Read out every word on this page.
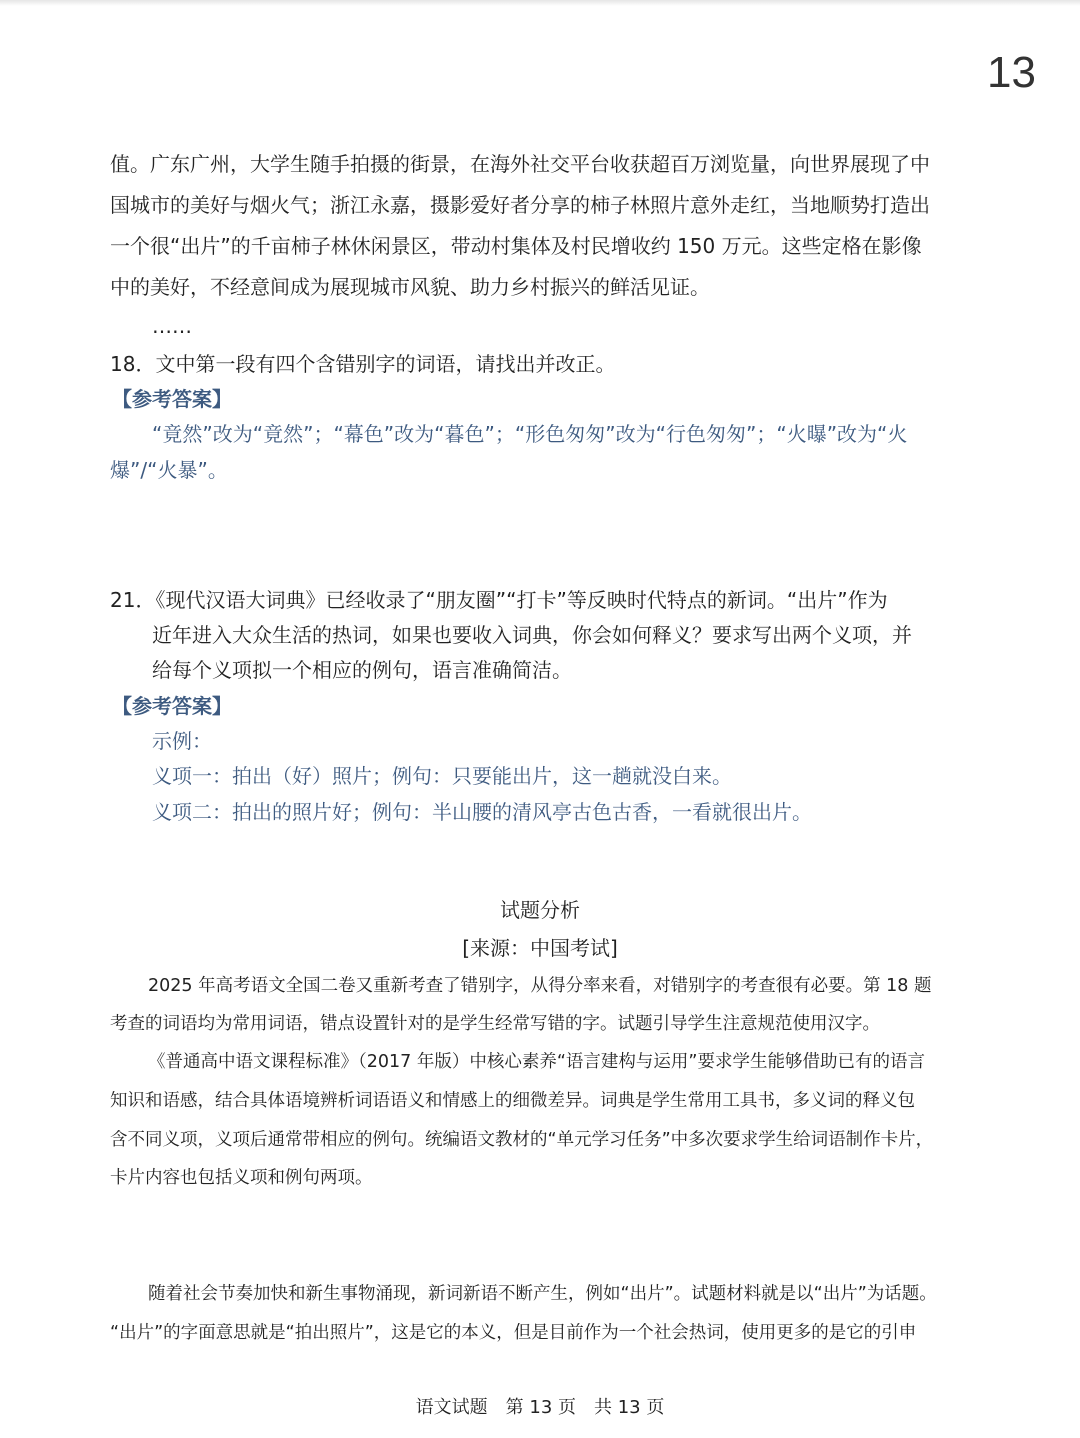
13
值。广东广州，大学生随手拍摄的街景，在海外社交平台收获超百万浏览量，向世界展现了中
国城市的美好与烟火气；浙江永嘉，摄影爱好者分享的柿子林照片意外走红，当地顺势打造出
一个很“出片”的千亩柿子林休闲景区，带动村集体及村民增收约 150 万元。这些定格在影像
中的美好，不经意间成为展现城市风貌、助力乡村振兴的鲜活见证。
……
18．文中第一段有四个含错别字的词语，请找出并改正。
【参考答案】
“竟然”改为“竟然”；“幕色”改为“暮色”；“形色匆匆”改为“行色匆匆”；“火曝”改为“火
爆”/“火暴”。
21．《现代汉语大词典》已经收录了“朋友圈”“打卡”等反映时代特点的新词。“出片”作为
近年进入大众生活的热词，如果也要收入词典，你会如何释义？要求写出两个义项，并
给每个义项拟一个相应的例句，语言准确简洁。
【参考答案】
示例：
义项一：拍出（好）照片；例句：只要能出片，这一趟就没白来。
义项二：拍出的照片好；例句：半山腰的清风亭古色古香，一看就很出片。
试题分析
[来源：中国考试]
2025 年高考语文全国二卷又重新考查了错别字，从得分率来看，对错别字的考查很有必要。第 18 题
考查的词语均为常用词语，错点设置针对的是学生经常写错的字。试题引导学生注意规范使用汉字。
《普通高中语文课程标准》（2017 年版）中核心素养“语言建构与运用”要求学生能够借助已有的语言
知识和语感，结合具体语境辨析词语语义和情感上的细微差异。词典是学生常用工具书，多义词的释义包
含不同义项，义项后通常带相应的例句。统编语文教材的“单元学习任务”中多次要求学生给词语制作卡片，
卡片内容也包括义项和例句两项。
随着社会节奏加快和新生事物涌现，新词新语不断产生，例如“出片”。试题材料就是以“出片”为话题。
“出片”的字面意思就是“拍出照片”，这是它的本义，但是目前作为一个社会热词，使用更多的是它的引申
语文试题　第 13 页　共 13 页
